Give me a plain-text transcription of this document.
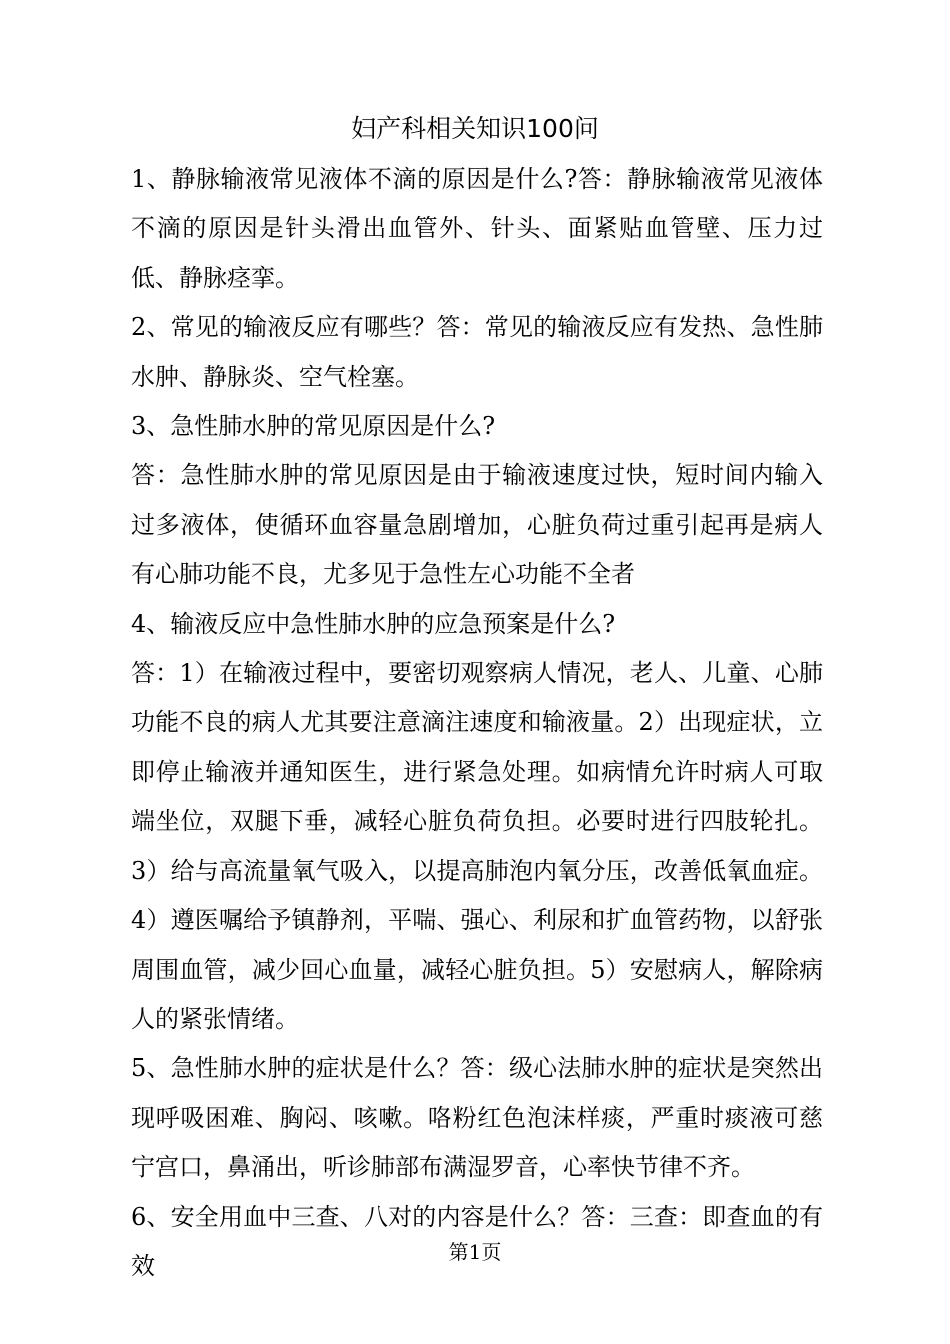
妇产科相关知识100问

1、静脉输液常见液体不滴的原因是什么?答：静脉输液常见液体不滴的原因是针头滑出血管外、针头、面紧贴血管壁、压力过低、静脉痉挛。

2、常见的输液反应有哪些？答：常见的输液反应有发热、急性肺水肿、静脉炎、空气栓塞。

3、急性肺水肿的常见原因是什么?

答：急性肺水肿的常见原因是由于输液速度过快，短时间内输入过多液体，使循环血容量急剧增加，心脏负荷过重引起再是病人有心肺功能不良，尤多见于急性左心功能不全者

4、输液反应中急性肺水肿的应急预案是什么?

答：1）在输液过程中，要密切观察病人情况，老人、儿童、心肺功能不良的病人尤其要注意滴注速度和输液量。2）出现症状，立即停止输液并通知医生，进行紧急处理。如病情允许时病人可取端坐位，双腿下垂，减轻心脏负荷负担。必要时进行四肢轮扎。3）给与高流量氧气吸入，以提高肺泡内氧分压，改善低氧血症。4）遵医嘱给予镇静剂，平喘、强心、利尿和扩血管药物，以舒张周围血管，减少回心血量，减轻心脏负担。5）安慰病人，解除病人的紧张情绪。

5、急性肺水肿的症状是什么？答：级心法肺水肿的症状是突然出现呼吸困难、胸闷、咳嗽。咯粉红色泡沫样痰，严重时痰液可慈宁宫口，鼻涌出，听诊肺部布满湿罗音，心率快节律不齐。

6、安全用血中三查、八对的内容是什么？答：三查：即查血的有效	第1页
